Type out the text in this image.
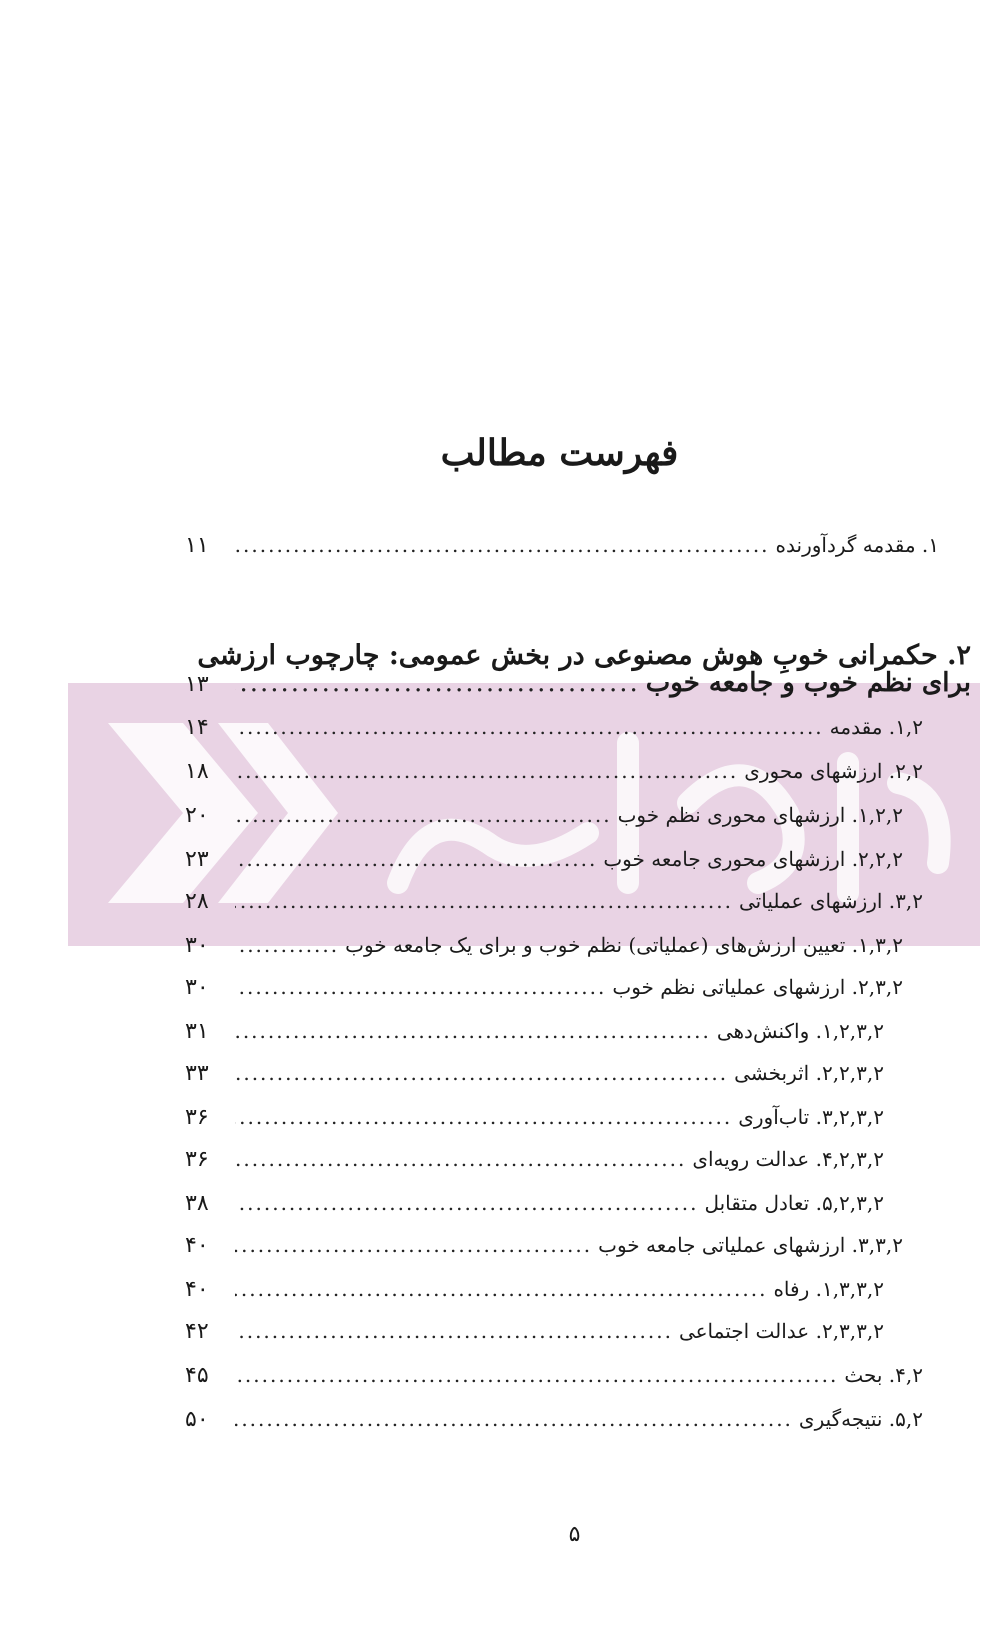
فهرست مطالب
۱. مقدمه گردآورنده
.....
۱۱
۲. حکمرانی خوبِ هوش مصنوعی در بخش عمومی: چارچوب ارزشی
برای نظم خوب و جامعه خوب
.....
۱۳
۱,۲. مقدمه
.....
۱۴
۲,۲. ارزشهای محوری
.....
۱۸
۱,۲,۲. ارزشهای محوری نظم خوب
.....
۲۰
۲,۲,۲. ارزشهای محوری جامعه خوب
.....
۲۳
۳,۲. ارزشهای عملیاتی
.....
۲۸
۱,۳,۲. تعیین ارزش‌های (عملیاتی) نظم خوب و برای یک جامعه خوب
.....
۳۰
۲,۳,۲. ارزشهای عملیاتی نظم خوب
.....
۳۰
۱,۲,۳,۲. واکنش‌دهی
.....
۳۱
۲,۲,۳,۲. اثربخشی
.....
۳۳
۳,۲,۳,۲. تاب‌آوری
.....
۳۶
۴,۲,۳,۲. عدالت رویه‌ای
.....
۳۶
۵,۲,۳,۲. تعادل متقابل
.....
۳۸
۳,۳,۲. ارزشهای عملیاتی جامعه خوب
.....
۴۰
۱,۳,۳,۲. رفاه
.....
۴۰
۲,۳,۳,۲. عدالت اجتماعی
.....
۴۲
۴,۲. بحث
.....
۴۵
۵,۲. نتیجه‌گیری
.....
۵۰
۵
